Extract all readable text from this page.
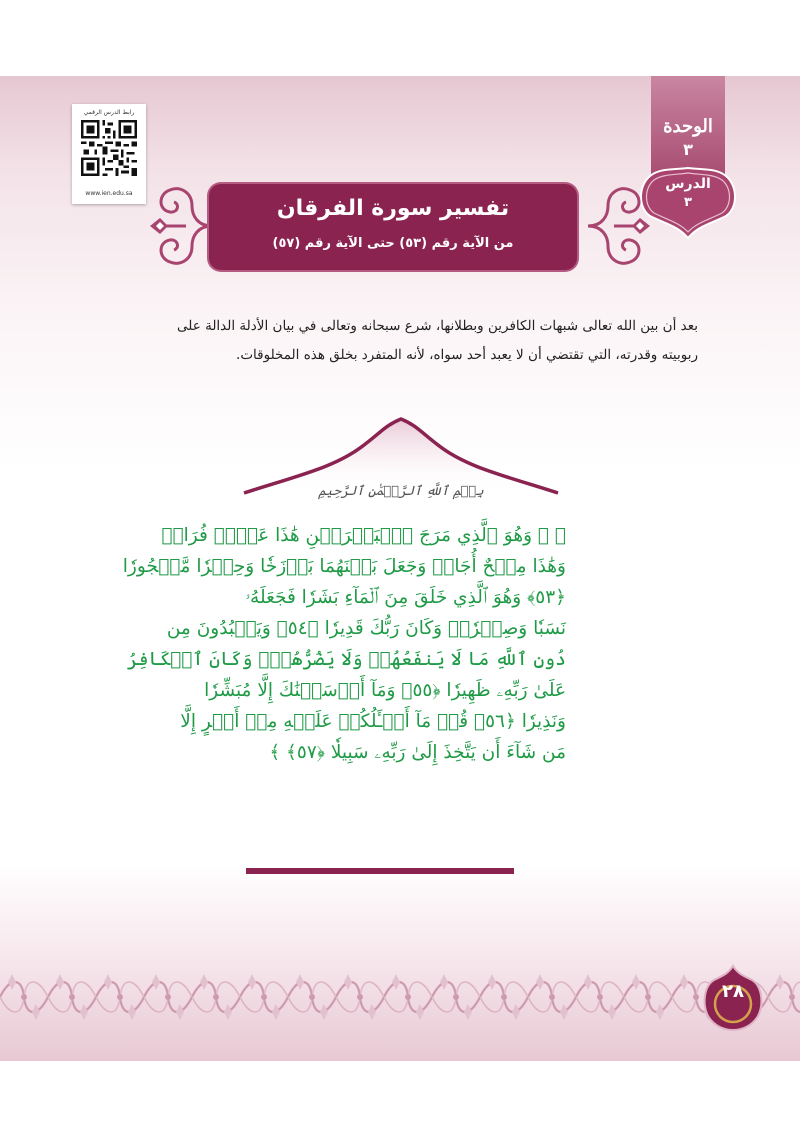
رابط الدرس الرقمي
www.ien.edu.sa
الوحدة
٣
الدرس
٣
تفسير سورة الفرقان
من الآية رقم (٥٣) حتى الآية رقم (٥٧)
بعد أن بين الله تعالى شبهات الكافرين وبطلانها، شرع سبحانه وتعالى في بيان الأدلة الدالة على
ربوبيته وقدرته، التي تقتضي أن لا يعبد أحد سواه، لأنه المتفرد بخلق هذه المخلوقات.
بِسۡمِ ٱللَّهِ ٱلرَّحۡمَٰنِ ٱلرَّحِيمِ
﴿ ۞ وَهُوَ ٱلَّذِي مَرَجَ ٱلۡبَحۡرَيۡنِ هَٰذَا عَذۡبٞ فُرَاتٞ
وَهَٰذَا مِلۡحٌ أُجَاجٞ وَجَعَلَ بَيۡنَهُمَا بَرۡزَخٗا وَحِجۡرٗا مَّحۡجُورٗا
﴿٥٣﴾ وَهُوَ ٱلَّذِي خَلَقَ مِنَ ٱلۡمَآءِ بَشَرٗا فَجَعَلَهُۥ
نَسَبٗا وَصِهۡرٗاۗ وَكَانَ رَبُّكَ قَدِيرٗا ﴿٥٤﴾ وَيَعۡبُدُونَ مِن
دُونِ ٱللَّهِ مَا لَا يَنفَعُهُمۡ وَلَا يَضُرُّهُمۡۗ وَكَانَ ٱلۡكَافِرُ
عَلَىٰ رَبِّهِۦ ظَهِيرٗا ﴿٥٥﴾ وَمَآ أَرۡسَلۡنَٰكَ إِلَّا مُبَشِّرٗا
وَنَذِيرٗا ﴿٥٦﴾ قُلۡ مَآ أَسۡـَٔلُكُمۡ عَلَيۡهِ مِنۡ أَجۡرٍ إِلَّا
مَن شَآءَ أَن يَتَّخِذَ إِلَىٰ رَبِّهِۦ سَبِيلٗا ﴿٥٧﴾ ﴾
٢٨
